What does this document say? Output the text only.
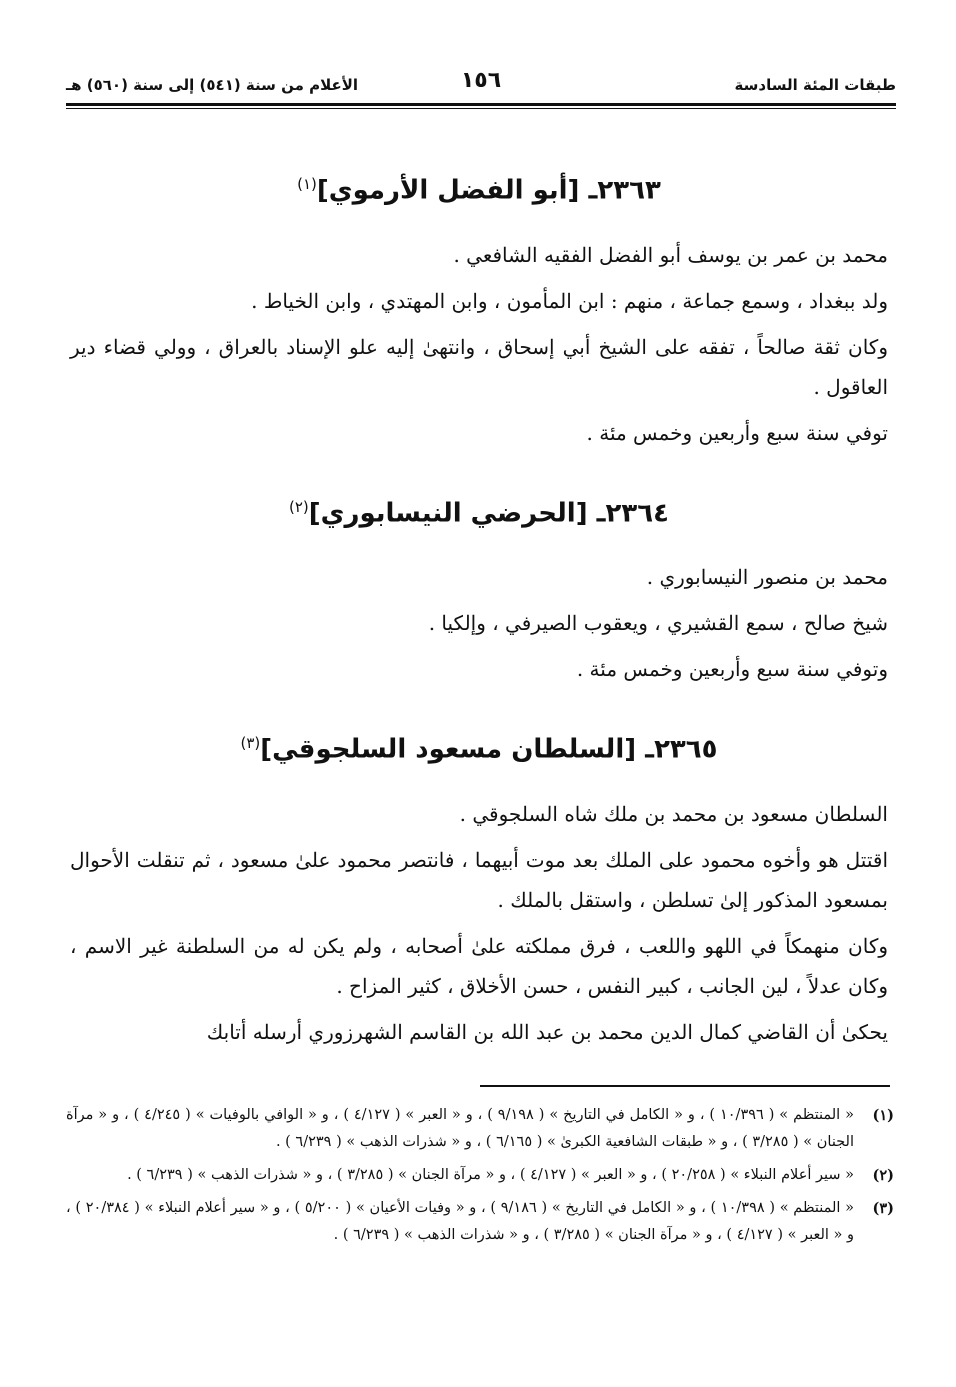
طبقات المئة السادسة
١٥٦
الأعلام من سنة (٥٤١) إلى سنة (٥٦٠) هـ
٢٣٦٣ـ [أبو الفضل الأرموي]$^{(١)}$

محمد بن عمر بن يوسف أبو الفضل الفقيه الشافعي .

ولد ببغداد ، وسمع جماعة ، منهم : ابن المأمون ، وابن المهتدي ، وابن الخياط .

وكان ثقة صالحاً ، تفقه على الشيخ أبي إسحاق ، وانتهىٰ إليه علو الإسناد بالعراق ، وولي قضاء دير العاقول .

توفي سنة سبع وأربعين وخمس مئة .

٢٣٦٤ـ [الحرضي النيسابوري]$^{(٢)}$

محمد بن منصور النيسابوري .

شيخ صالح ، سمع القشيري ، ويعقوب الصيرفي ، وإلكيا .

وتوفي سنة سبع وأربعين وخمس مئة .

٢٣٦٥ـ [السلطان مسعود السلجوقي]$^{(٣)}$

السلطان مسعود بن محمد بن ملك شاه السلجوقي .

اقتتل هو وأخوه محمود على الملك بعد موت أبيهما ، فانتصر محمود علىٰ مسعود ، ثم تنقلت الأحوال بمسعود المذكور إلىٰ تسلطن ، واستقل بالملك .

وكان منهمكاً في اللهو واللعب ، فرق مملكته علىٰ أصحابه ، ولم يكن له من السلطنة غير الاسم ، وكان عدلاً ، لين الجانب ، كبير النفس ، حسن الأخلاق ، كثير المزاح .

يحكىٰ أن القاضي كمال الدين محمد بن عبد الله بن القاسم الشهرزوري أرسله أتابك

(١)
« المنتظم » ( ١٠/٣٩٦ ) ، و « الكامل في التاريخ » ( ٩/١٩٨ ) ، و « العبر » ( ٤/١٢٧ ) ، و « الوافي بالوفيات » ( ٤/٢٤٥ ) ، و « مرآة الجنان » ( ٣/٢٨٥ ) ، و « طبقات الشافعية الكبرىٰ » ( ٦/١٦٥ ) ، و « شذرات الذهب » ( ٦/٢٣٩ ) .
(٢)
« سير أعلام النبلاء » ( ٢٠/٢٥٨ ) ، و « العبر » ( ٤/١٢٧ ) ، و « مرآة الجنان » ( ٣/٢٨٥ ) ، و « شذرات الذهب » ( ٦/٢٣٩ ) .
(٣)
« المنتظم » ( ١٠/٣٩٨ ) ، و « الكامل في التاريخ » ( ٩/١٨٦ ) ، و « وفيات الأعيان » ( ٥/٢٠٠ ) ، و « سير أعلام النبلاء » ( ٢٠/٣٨٤ ) ، و « العبر » ( ٤/١٢٧ ) ، و « مرآة الجنان » ( ٣/٢٨٥ ) ، و « شذرات الذهب » ( ٦/٢٣٩ ) .
